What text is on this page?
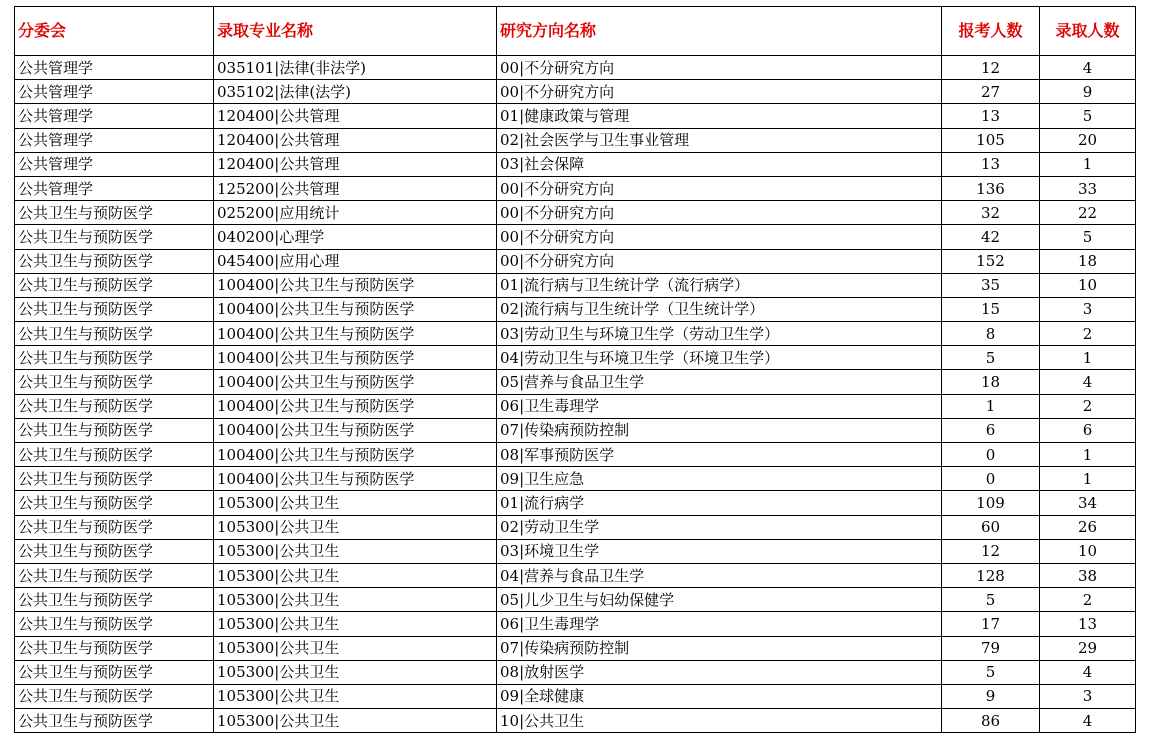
分委会	录取专业名称	研究方向名称	报考人数	录取人数
公共管理学	035101|法律(非法学)	00|不分研究方向	12	4
公共管理学	035102|法律(法学)	00|不分研究方向	27	9
公共管理学	120400|公共管理	01|健康政策与管理	13	5
公共管理学	120400|公共管理	02|社会医学与卫生事业管理	105	20
公共管理学	120400|公共管理	03|社会保障	13	1
公共管理学	125200|公共管理	00|不分研究方向	136	33
公共卫生与预防医学	025200|应用统计	00|不分研究方向	32	22
公共卫生与预防医学	040200|心理学	00|不分研究方向	42	5
公共卫生与预防医学	045400|应用心理	00|不分研究方向	152	18
公共卫生与预防医学	100400|公共卫生与预防医学	01|流行病与卫生统计学（流行病学）	35	10
公共卫生与预防医学	100400|公共卫生与预防医学	02|流行病与卫生统计学（卫生统计学）	15	3
公共卫生与预防医学	100400|公共卫生与预防医学	03|劳动卫生与环境卫生学（劳动卫生学）	8	2
公共卫生与预防医学	100400|公共卫生与预防医学	04|劳动卫生与环境卫生学（环境卫生学）	5	1
公共卫生与预防医学	100400|公共卫生与预防医学	05|营养与食品卫生学	18	4
公共卫生与预防医学	100400|公共卫生与预防医学	06|卫生毒理学	1	2
公共卫生与预防医学	100400|公共卫生与预防医学	07|传染病预防控制	6	6
公共卫生与预防医学	100400|公共卫生与预防医学	08|军事预防医学	0	1
公共卫生与预防医学	100400|公共卫生与预防医学	09|卫生应急	0	1
公共卫生与预防医学	105300|公共卫生	01|流行病学	109	34
公共卫生与预防医学	105300|公共卫生	02|劳动卫生学	60	26
公共卫生与预防医学	105300|公共卫生	03|环境卫生学	12	10
公共卫生与预防医学	105300|公共卫生	04|营养与食品卫生学	128	38
公共卫生与预防医学	105300|公共卫生	05|儿少卫生与妇幼保健学	5	2
公共卫生与预防医学	105300|公共卫生	06|卫生毒理学	17	13
公共卫生与预防医学	105300|公共卫生	07|传染病预防控制	79	29
公共卫生与预防医学	105300|公共卫生	08|放射医学	5	4
公共卫生与预防医学	105300|公共卫生	09|全球健康	9	3
公共卫生与预防医学	105300|公共卫生	10|公共卫生	86	4
